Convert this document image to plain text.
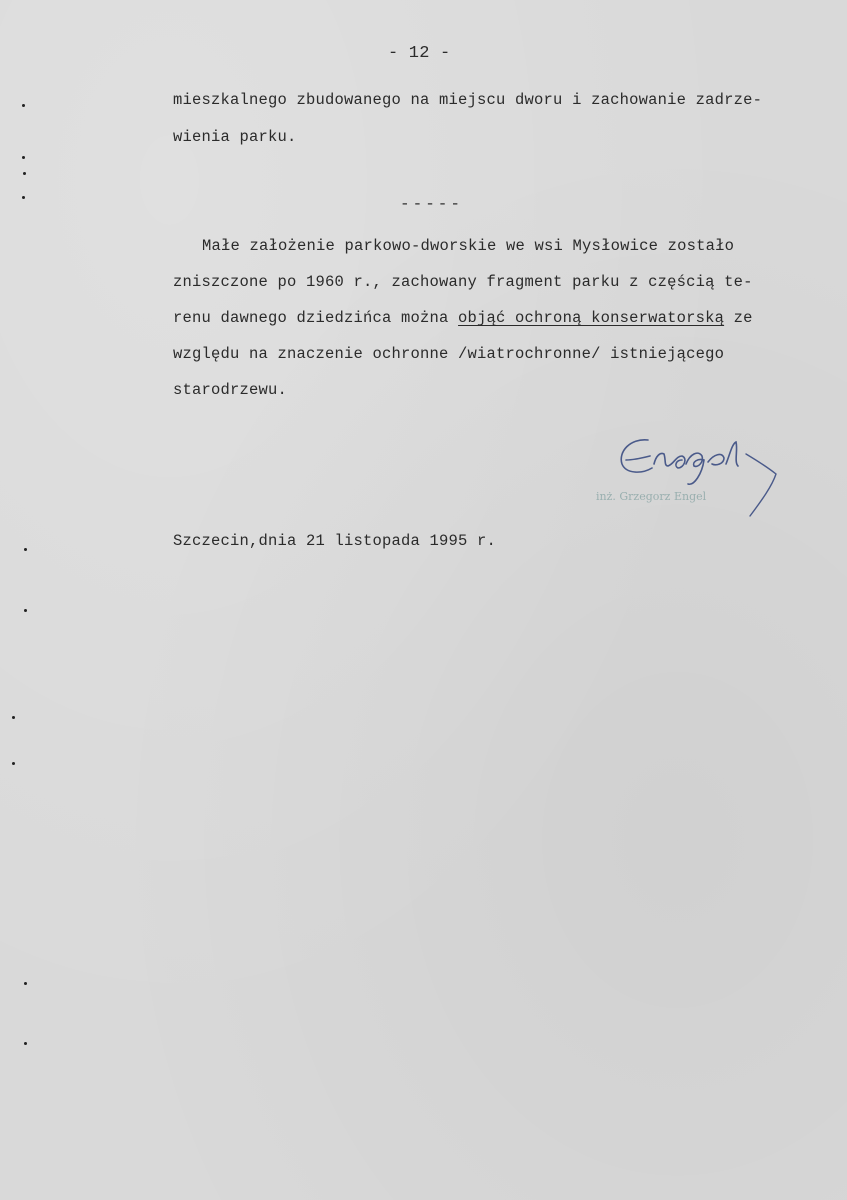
- 12 -
mieszkalnego zbudowanego na miejscu dworu i zachowanie zadrze-
wienia parku.
-----
Małe założenie parkowo-dworskie we wsi Mysłowice zostało
zniszczone po 1960 r., zachowany fragment parku z częścią te-
renu dawnego dziedzińca można objąć ochroną konserwatorską ze
względu na znaczenie ochronne /wiatrochronne/ istniejącego
starodrzewu.
inż. Grzegorz Engel
Szczecin,dnia 21 listopada 1995 r.
